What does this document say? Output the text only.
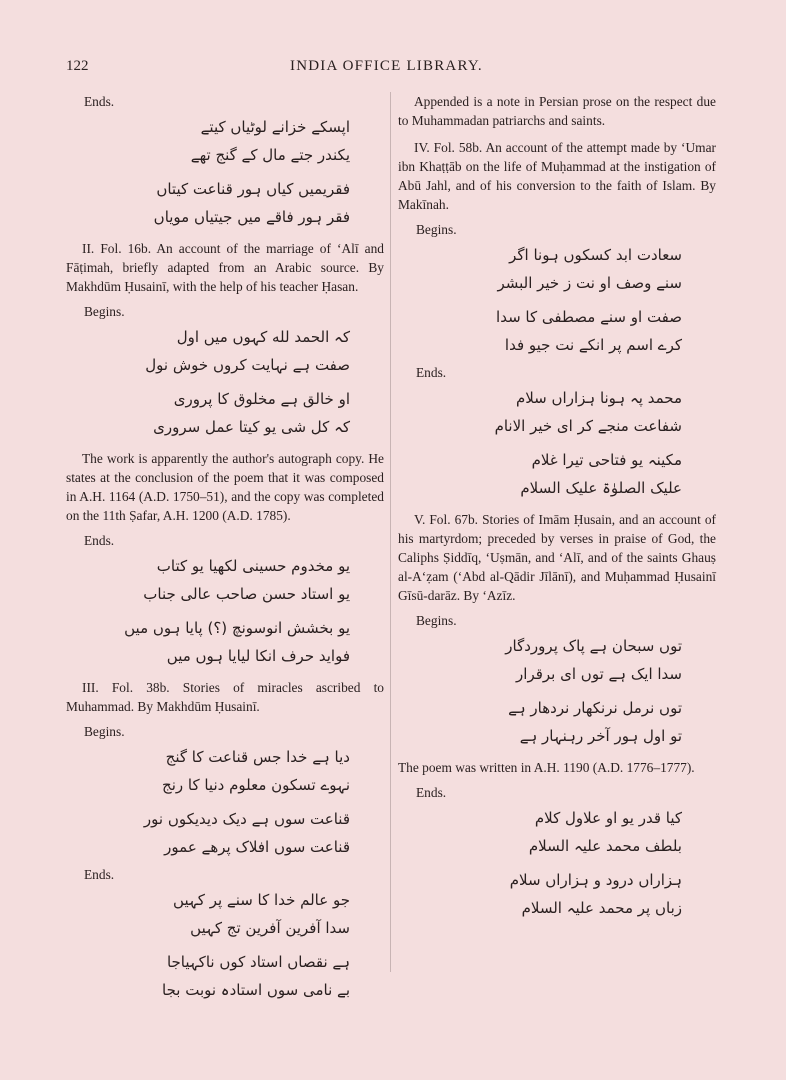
122	INDIA OFFICE LIBRARY.
Ends.
اپسکے خزانے لوٹیاں کیتے
یکندر جتے مال کے گنج تھے
فقریمیں کیاں ہور قناعت کیتاں
فقر ہور فاقے میں جیتیاں مویاں

II. Fol. 16b. An account of the marriage of ʻAlī and Fāṭimah, briefly adapted from an Arabic source. By Makhdūm Ḥusainī, with the help of his teacher Ḥasan.

Begins.
کہ الحمد لله کہوں میں اول
صفت ہے نہایت کروں خوش نول
او خالق ہے مخلوق کا پروری
کہ کل شی یو کیتا عمل سروری

The work is apparently the author's autograph copy. He states at the conclusion of the poem that it was composed in A.H. 1164 (A.D. 1750–51), and the copy was completed on the 11th Ṣafar, A.H. 1200 (A.D. 1785).

Ends.
یو مخدوم حسینی لکھیا یو کتاب
یو استاد حسن صاحب عالی جناب
یو بخشش انوسونچ (؟) پایا ہوں میں
فواید حرف انکا لیایا ہوں میں

III. Fol. 38b. Stories of miracles ascribed to Muhammad. By Makhdūm Ḥusainī.

Begins.
دیا ہے خدا جس قناعت کا گنج
نہوے تسکون معلوم دنیا کا رنج
قناعت سوں ہے دیک دیدیکوں نور
قناعت سوں افلاک پرھے عمور
Ends.
جو عالم خدا کا سنے پر کہیں
سدا آفرین آفرین تج کہیں
ہے نقصاں استاد کوں ناکہیاجا
بے نامی سوں استادہ نوبت بجا

Appended is a note in Persian prose on the respect due to Muhammadan patriarchs and saints.

IV. Fol. 58b. An account of the attempt made by ʻUmar ibn Khaṭṭāb on the life of Muḥammad at the instigation of Abū Jahl, and of his conversion to the faith of Islam. By Makīnah.

Begins.
سعادت ابد کسکوں ہونا اگر
سنے وصف او نت ز خیر البشر
صفت او سنے مصطفی کا سدا
کرے اسم پر انکے نت جیو فدا
Ends.
محمد پہ ہونا ہزاراں سلام
شفاعت منجے کر ای خیر الانام
مکینہ یو فتاحی تیرا غلام
علیک الصلوٰۃ علیک السلام

V. Fol. 67b. Stories of Imām Ḥusain, and an account of his martyrdom; preceded by verses in praise of God, the Caliphs Ṣiddīq, ʻUṣmān, and ʻAlī, and of the saints Ghauṣ al-Aʻẓam (ʻAbd al-Qādir Jīlānī), and Muḥammad Ḥusainī Gīsū-darāz. By ʻAzīz.

Begins.
توں سبحان ہے پاک پروردگار
سدا ایک ہے توں ای برقرار
توں نرمل نرنکھار نردھار ہے
تو اول ہور آخر رہنہار ہے

The poem was written in A.H. 1190 (A.D. 1776–1777).

Ends.
کیا قدر یو او علاول کلام
بلطف محمد علیہ السلام
ہزاراں درود و ہزاراں سلام
زباں پر محمد علیہ السلام
